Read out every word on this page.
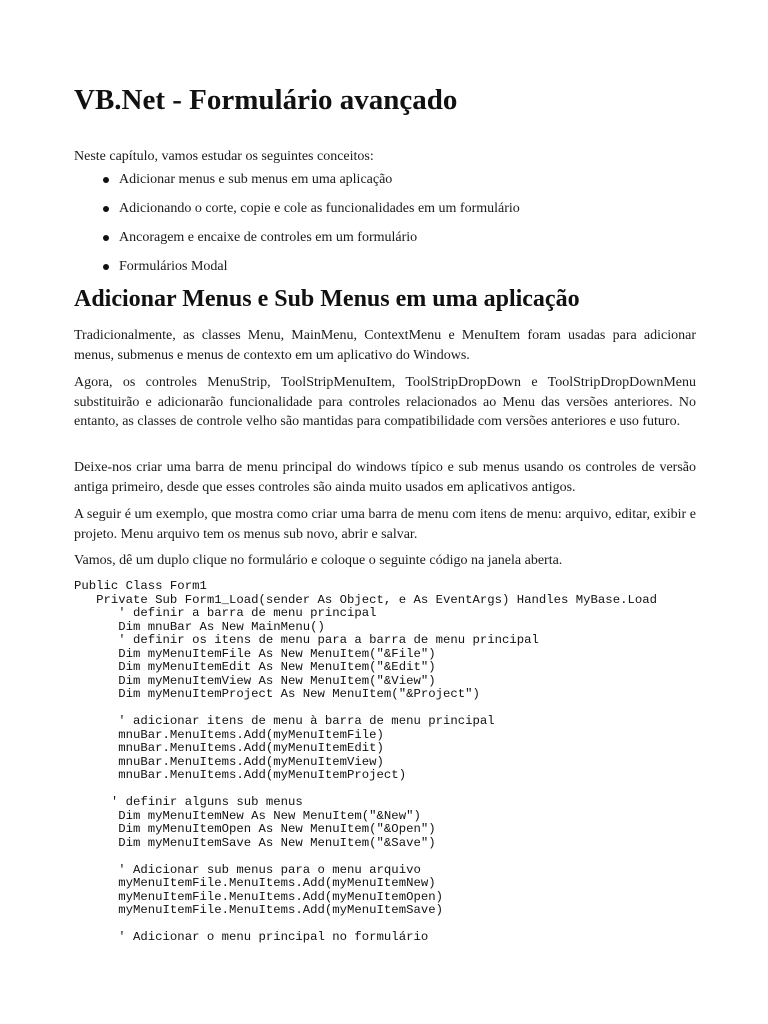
VB.Net - Formulário avançado

Neste capítulo, vamos estudar os seguintes conceitos:

Adicionar menus e sub menus em uma aplicação
Adicionando o corte, copie e cole as funcionalidades em um formulário
Ancoragem e encaixe de controles em um formulário
Formulários Modal
Adicionar Menus e Sub Menus em uma aplicação

Tradicionalmente, as classes Menu, MainMenu, ContextMenu e MenuItem foram usadas para adicionar menus, submenus e menus de contexto em um aplicativo do Windows.

Agora, os controles MenuStrip, ToolStripMenuItem, ToolStripDropDown e ToolStripDropDownMenu substituirão e adicionarão funcionalidade para controles relacionados ao Menu das versões anteriores. No entanto, as classes de controle velho são mantidas para compatibilidade com versões anteriores e uso futuro.

Deixe-nos criar uma barra de menu principal do windows típico e sub menus usando os controles de versão antiga primeiro, desde que esses controles são ainda muito usados em aplicativos antigos.

A seguir é um exemplo, que mostra como criar uma barra de menu com itens de menu: arquivo, editar, exibir e projeto. Menu arquivo tem os menus sub novo, abrir e salvar.

Vamos, dê um duplo clique no formulário e coloque o seguinte código na janela aberta.

Public Class Form1
Private Sub Form1_Load(sender As Object, e As EventArgs) Handles MyBase.Load
' definir a barra de menu principal
Dim mnuBar As New MainMenu()
' definir os itens de menu para a barra de menu principal
Dim myMenuItemFile As New MenuItem("&File")
Dim myMenuItemEdit As New MenuItem("&Edit")
Dim myMenuItemView As New MenuItem("&View")
Dim myMenuItemProject As New MenuItem("&Project")

' adicionar itens de menu à barra de menu principal
mnuBar.MenuItems.Add(myMenuItemFile)
mnuBar.MenuItems.Add(myMenuItemEdit)
mnuBar.MenuItems.Add(myMenuItemView)
mnuBar.MenuItems.Add(myMenuItemProject)

' definir alguns sub menus
Dim myMenuItemNew As New MenuItem("&New")
Dim myMenuItemOpen As New MenuItem("&Open")
Dim myMenuItemSave As New MenuItem("&Save")

' Adicionar sub menus para o menu arquivo
myMenuItemFile.MenuItems.Add(myMenuItemNew)
myMenuItemFile.MenuItems.Add(myMenuItemOpen)
myMenuItemFile.MenuItems.Add(myMenuItemSave)

' Adicionar o menu principal no formulário
